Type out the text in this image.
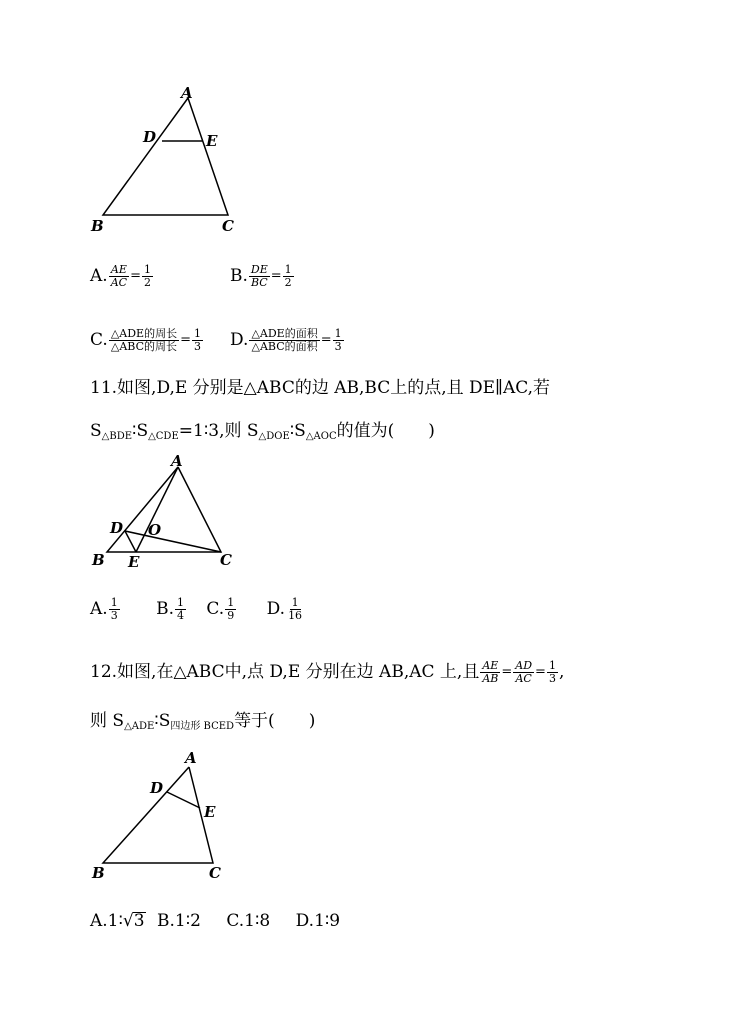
A
D	E
B	C
A. $\frac{AE}{AC} = \frac{1}{2}$	B. $\frac{DE}{BC} = \frac{1}{2}$
C. $\frac{\text{△ADE的周长}}{\text{△ABC的周长}} = \frac{1}{3} D$. $\frac{\text{△ADE的面积}}{\text{△ABC的面积}} = \frac{1}{3}$
11.如图,D,E 分别是△ABC的边 AB,BC上的点,且 DE∥AC,若
$S_{\triangle BDE}∶S_{\triangle CDE}=1∶3$,则 $S_{\triangle DOE}∶S_{\triangle AOC}$的值为(　　)
A
D O
B E	C
A. $\frac{1}{3} B$. $\frac{1}{4} C$. $\frac{1}{9} D$. $\frac{1}{16}$
12.如图,在△ABC中,点 D,E 分别在边 AB,AC 上,且 $\frac{AE}{AB} = \frac{AD}{AC} = \frac{1}{3}$ ,
则 $S_{\triangle ADE}∶S_{四边形 BCED}$等于(　　)
A
D
E
B	C
A.1∶√3 B.1∶2 C.1∶8 D.1∶9
